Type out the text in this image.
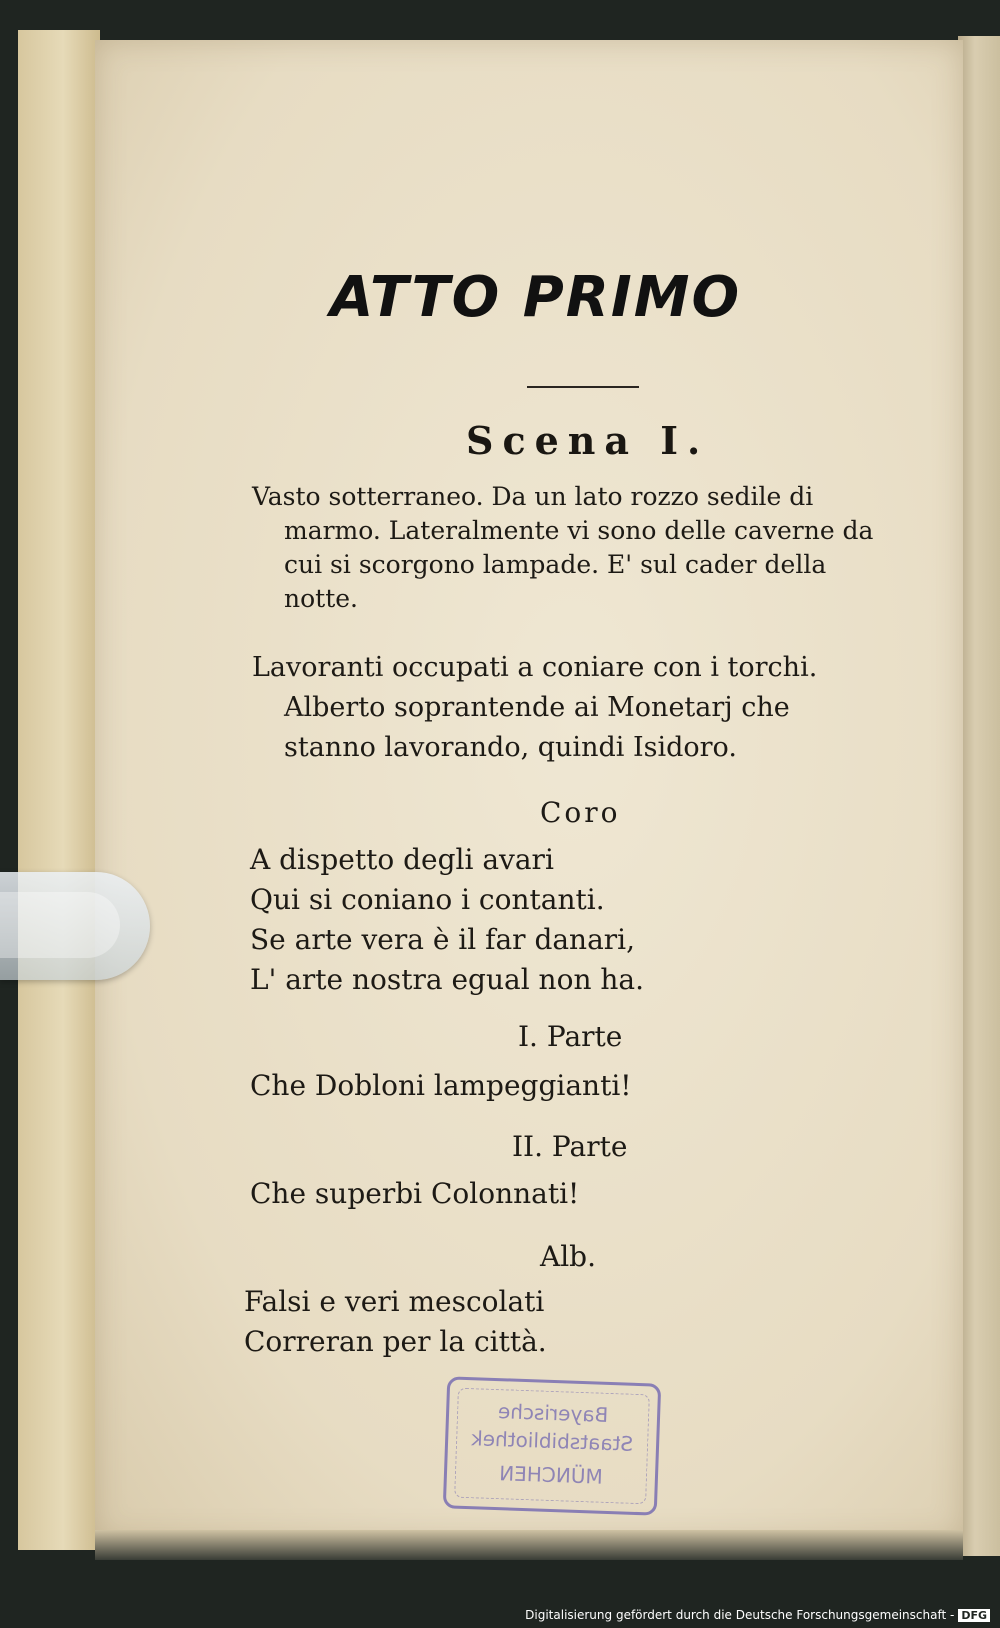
ATTO PRIMO
Scena I.
Vasto sotterraneo. Da un lato rozzo sedile di
marmo. Lateralmente vi sono delle caverne da
cui si scorgono lampade. E' sul cader della
notte.
Lavoranti occupati a coniare con i torchi.
Alberto soprantende ai Monetarj che
stanno lavorando, quindi Isidoro.
Coro
A dispetto degli avari
Qui si coniano i contanti.
Se arte vera è il far danari,
L' arte nostra egual non ha.
I. Parte
Che Dobloni lampeggianti!
II. Parte
Che superbi Colonnati!
Alb.
Falsi e veri mescolati
Correran per la città.
Bayerische
Staatsbibliothek
MÜNCHEN
Digitalisierung gefördert durch die Deutsche Forschungsgemeinschaft - DFG
